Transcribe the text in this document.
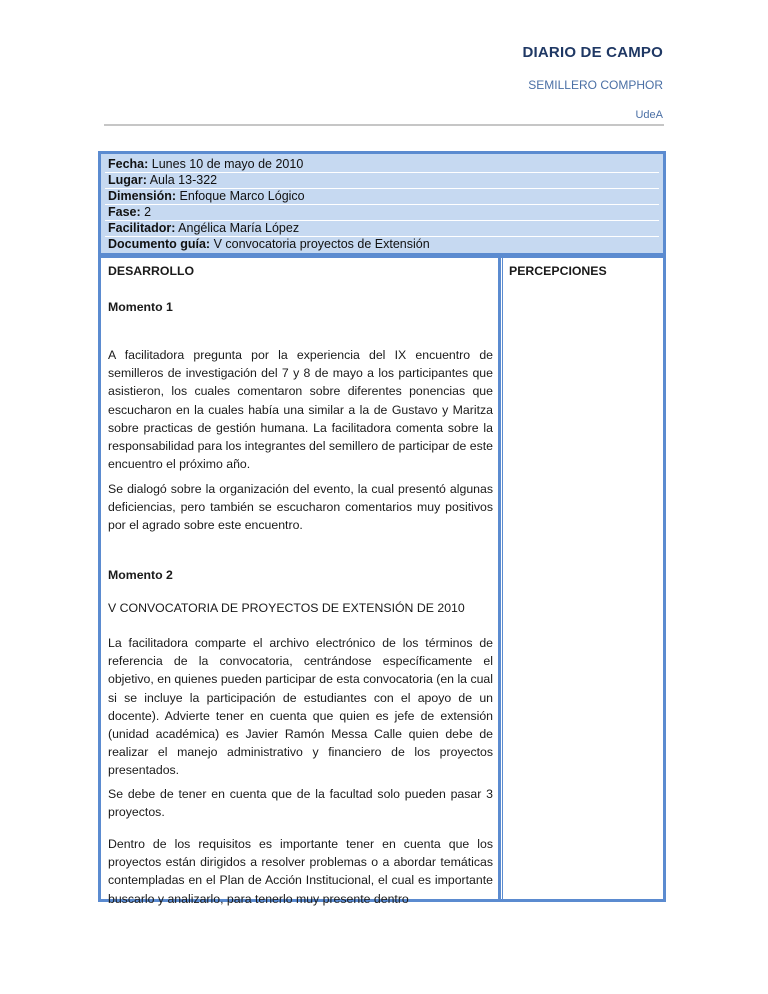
DIARIO DE CAMPO
SEMILLERO COMPHOR
UdeA
Fecha: Lunes 10 de mayo de 2010
Lugar: Aula 13-322
Dimensión: Enfoque Marco Lógico
Fase: 2
Facilitador: Angélica María López
Documento guía: V convocatoria proyectos de Extensión
DESARROLLO
Momento 1

A facilitadora pregunta por la experiencia del IX encuentro de semilleros de investigación del 7 y 8 de mayo a los participantes que asistieron, los cuales comentaron sobre diferentes ponencias que escucharon en la cuales había una similar a la de Gustavo y Maritza sobre practicas de gestión humana. La facilitadora comenta sobre la responsabilidad para los integrantes del semillero de participar de este encuentro el próximo año.

Se dialogó sobre la organización del evento, la cual presentó algunas deficiencias, pero también se escucharon comentarios muy positivos por el agrado sobre este encuentro.

Momento 2

V CONVOCATORIA DE PROYECTOS DE EXTENSIÓN DE 2010

La facilitadora comparte el archivo electrónico de los términos de referencia de la convocatoria, centrándose específicamente el objetivo, en quienes pueden participar de esta convocatoria (en la cual si se incluye la participación de estudiantes con el apoyo de un docente). Advierte tener en cuenta que quien es jefe de extensión (unidad académica) es Javier Ramón Messa Calle quien debe de realizar el manejo administrativo y financiero de los proyectos presentados.

Se debe de tener en cuenta que de la facultad solo pueden pasar 3 proyectos.

Dentro de los requisitos es importante tener en cuenta que los proyectos están dirigidos a resolver problemas o a abordar temáticas contempladas en el Plan de Acción Institucional, el cual es importante buscarlo y analizarlo, para tenerlo muy presente dentro

PERCEPCIONES
